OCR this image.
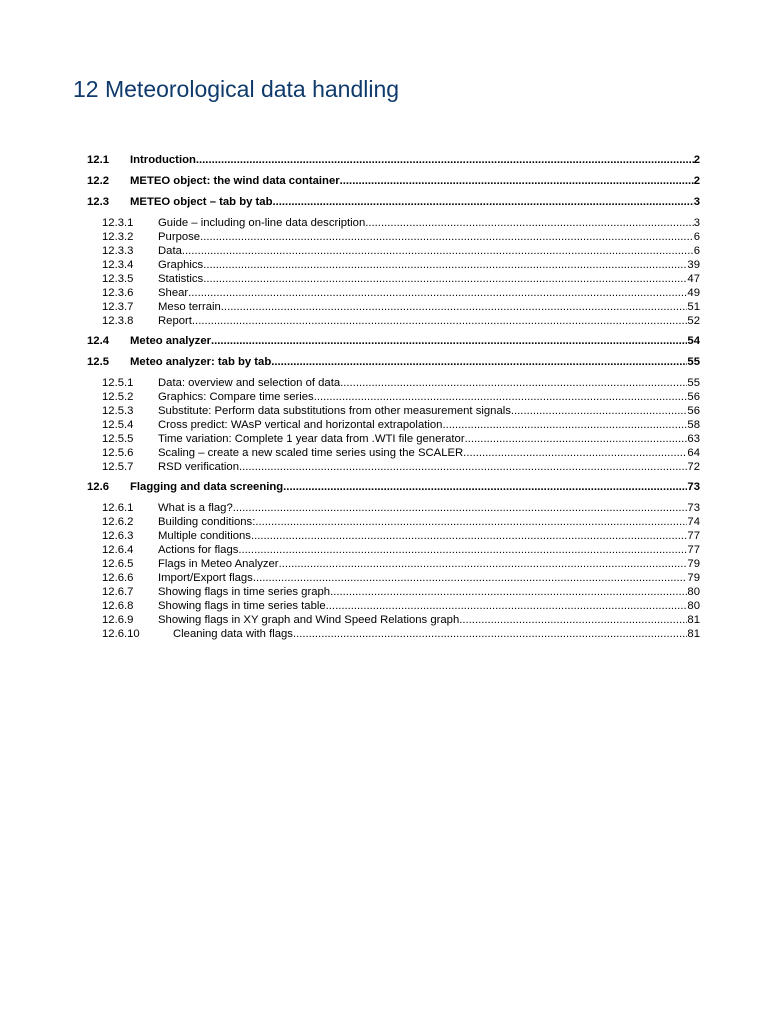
12 Meteorological data handling
12.1	Introduction .....	2
12.2	METEO object: the wind data container .....	2
12.3	METEO object – tab by tab .....	3
12.3.1	Guide – including on-line data description .....	3
12.3.2	Purpose .....	6
12.3.3	Data .....	6
12.3.4	Graphics .....	39
12.3.5	Statistics .....	47
12.3.6	Shear .....	49
12.3.7	Meso terrain .....	51
12.3.8	Report .....	52
12.4	Meteo analyzer .....	54
12.5	Meteo analyzer: tab by tab .....	55
12.5.1	Data: overview and selection of data .....	55
12.5.2	Graphics: Compare time series .....	56
12.5.3	Substitute: Perform data substitutions from other measurement signals .....	56
12.5.4	Cross predict: WAsP vertical and horizontal extrapolation .....	58
12.5.5	Time variation: Complete 1 year data from .WTI file generator .....	63
12.5.6	Scaling – create a new scaled time series using the SCALER. .....	64
12.5.7	RSD verification .....	72
12.6	Flagging and data screening .....	73
12.6.1	What is a flag? .....	73
12.6.2	Building conditions: .....	74
12.6.3	Multiple conditions .....	77
12.6.4	Actions for flags .....	77
12.6.5	Flags in Meteo Analyzer .....	79
12.6.6	Import/Export flags .....	79
12.6.7	Showing flags in time series graph .....	80
12.6.8	Showing flags in time series table .....	80
12.6.9	Showing flags in XY graph and Wind Speed Relations graph .....	81
12.6.10	Cleaning data with flags .....	81
